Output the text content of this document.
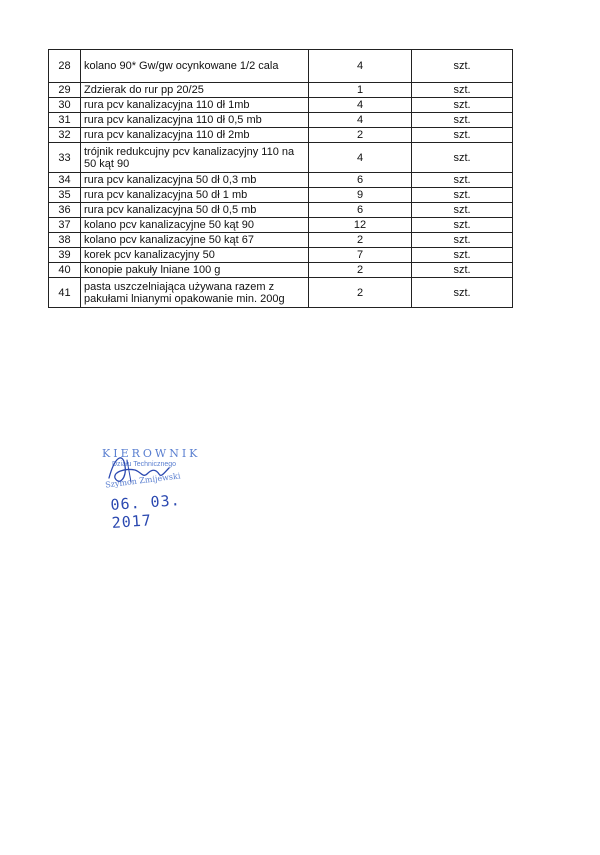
28	kolano 90* Gw/gw ocynkowane 1/2 cala	4	szt.
29	Zdzierak do rur pp 20/25	1	szt.
30	rura pcv kanalizacyjna 110 dł 1mb	4	szt.
31	rura pcv kanalizacyjna 110 dł 0,5 mb	4	szt.
32	rura pcv kanalizacyjna 110 dł 2mb	2	szt.
33	trójnik redukcujny pcv kanalizacyjny 110 na 50 kąt 90	4	szt.
34	rura pcv kanalizacyjna 50 dł 0,3 mb	6	szt.
35	rura pcv kanalizacyjna 50 dł 1 mb	9	szt.
36	rura pcv kanalizacyjna 50 dł 0,5 mb	6	szt.
37	kolano pcv kanalizacyjne 50 kąt 90	12	szt.
38	kolano pcv kanalizacyjne 50 kąt 67	2	szt.
39	korek pcv kanalizacyjny 50	7	szt.
40	konopie pakuły lniane 100 g	2	szt.
41	pasta uszczelniająca używana razem z pakułami lnianymi opakowanie min. 200g	2	szt.
KIEROWNIK
Działu Technicznego
Szymon Zmijewski
06. 03. 2017
